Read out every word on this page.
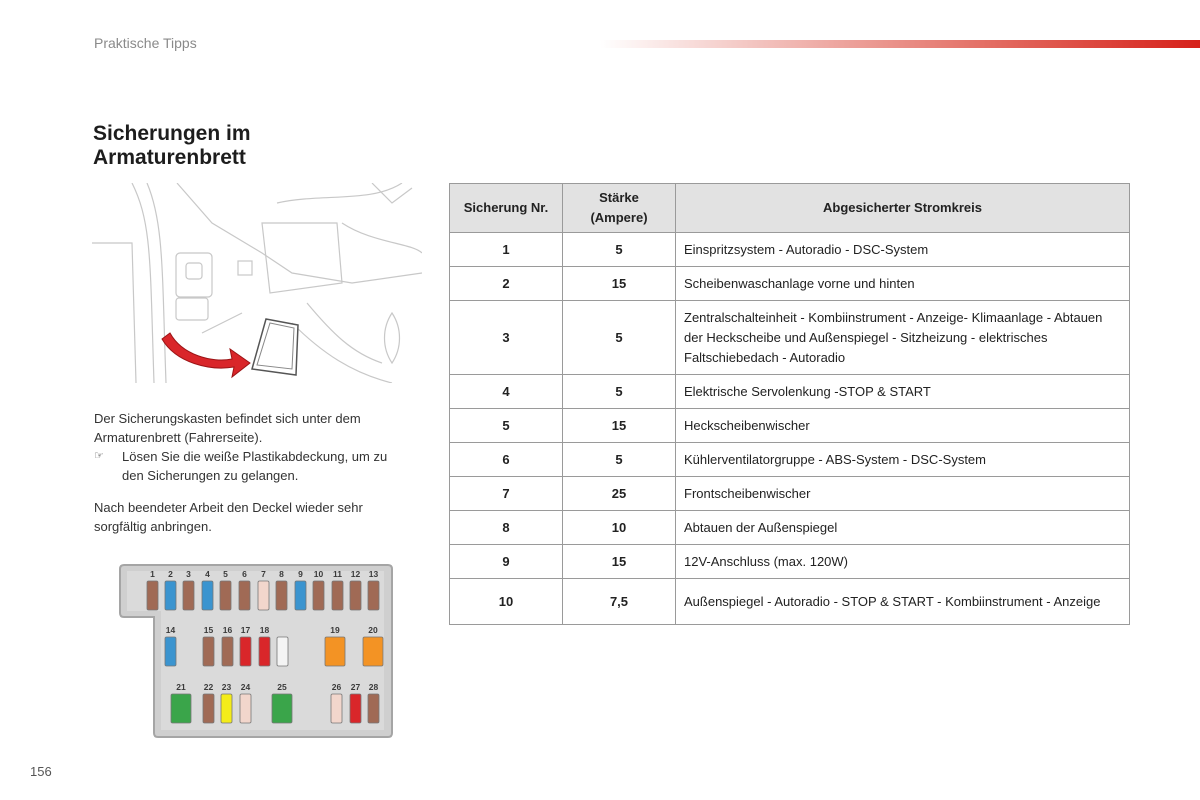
Praktische Tipps
Sicherungen im Armaturenbrett
Der Sicherungskasten befindet sich unter dem Armaturenbrett (Fahrerseite).
☞	Lösen Sie die weiße Plastikabdeckung, um zu den Sicherungen zu gelangen.
Nach beendeter Arbeit den Deckel wieder sehr sorgfältig anbringen.
1 2 3 4 5 6 7 8 9 10 11 12 13
14	15 16 17 18	19	20
21 22 23 24	25	26 27 28
Sicherung Nr.	Stärke (Ampere)	Abgesicherter Stromkreis
1	5	Einspritzsystem - Autoradio - DSC-System
2	15	Scheibenwaschanlage vorne und hinten
3	5	Zentralschalteinheit - Kombiinstrument - Anzeige- Klimaanlage - Abtauen der Heckscheibe und Außenspiegel - Sitzheizung - elektrisches Faltschiebedach - Autoradio
4	5	Elektrische Servolenkung -STOP & START
5	15	Heckscheibenwischer
6	5	Kühlerventilatorgruppe - ABS-System - DSC-System
7	25	Frontscheibenwischer
8	10	Abtauen der Außenspiegel
9	15	12V-Anschluss (max. 120W)
10	7,5	Außenspiegel - Autoradio - STOP & START - Kombiinstrument - Anzeige
156
